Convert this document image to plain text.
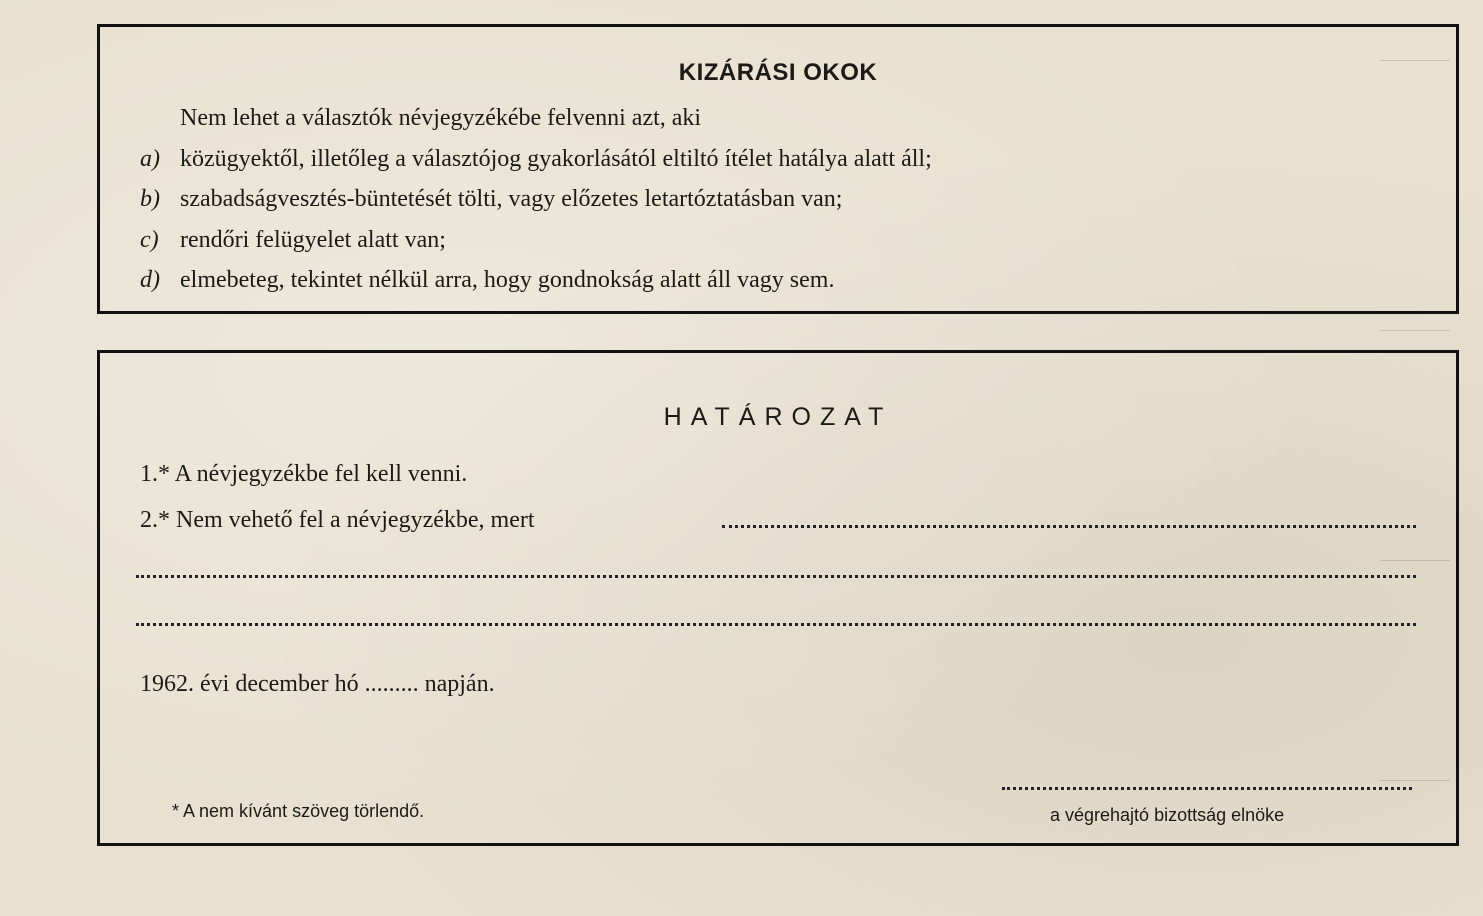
KIZÁRÁSI OKOK
Nem lehet a választók névjegyzékébe felvenni azt, aki
a) közügyektől, illetőleg a választójog gyakorlásától eltiltó ítélet hatálya alatt áll;
b) szabadságvesztés-büntetését tölti, vagy előzetes letartóztatásban van;
c) rendőri felügyelet alatt van;
d) elmebeteg, tekintet nélkül arra, hogy gondnokság alatt áll vagy sem.
HATÁROZAT
1.* A névjegyzékbe fel kell venni.
2.* Nem vehető fel a névjegyzékbe, mert
1962. évi december hó ......... napján.
* A nem kívánt szöveg törlendő.	a végrehajtó bizottság elnöke
